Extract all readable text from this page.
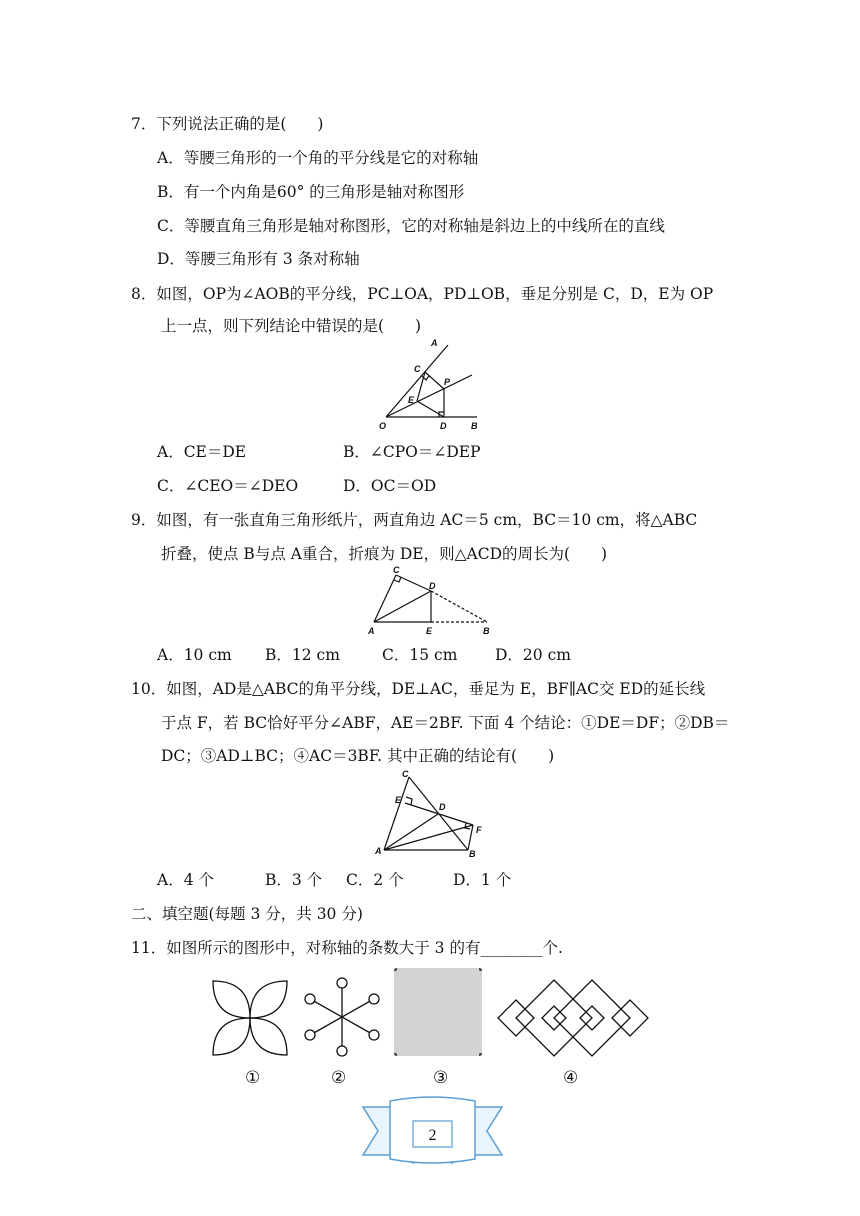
7．下列说法正确的是(　　)
A．等腰三角形的一个角的平分线是它的对称轴
B．有一个内角是60° 的三角形是轴对称图形
C．等腰直角三角形是轴对称图形，它的对称轴是斜边上的中线所在的直线
D．等腰三角形有 3 条对称轴
8．如图，OP为∠AOB的平分线，PC⊥OA，PD⊥OB，垂足分别是 C，D，E为 OP
上一点，则下列结论中错误的是(　　)
A
C
P
E
O	D	B
A．CE＝DE	B．∠CPO＝∠DEP
C．∠CEO＝∠DEO	D．OC＝OD
9．如图，有一张直角三角形纸片，两直角边 AC＝5 cm，BC＝10 cm，将△ABC
折叠，使点 B与点 A重合，折痕为 DE，则△ACD的周长为(　　)
C
D
A	E	B
A．10 cm B．12 cm	C．15 cm D．20 cm
10．如图，AD是△ABC的角平分线，DE⊥AC，垂足为 E，BF∥AC交 ED的延长线
于点 F，若 BC恰好平分∠ABF，AE＝2BF. 下面 4 个结论：①DE＝DF；②DB＝
DC；③AD⊥BC；④AC＝3BF. 其中正确的结论有(　　)
C
E
D
F
A	B
A．4 个	B．3 个 C．2 个	D．1 个
二、填空题(每题 3 分，共 30 分)
11．如图所示的图形中，对称轴的条数大于 3 的有________个.
①	②	③	④
2
